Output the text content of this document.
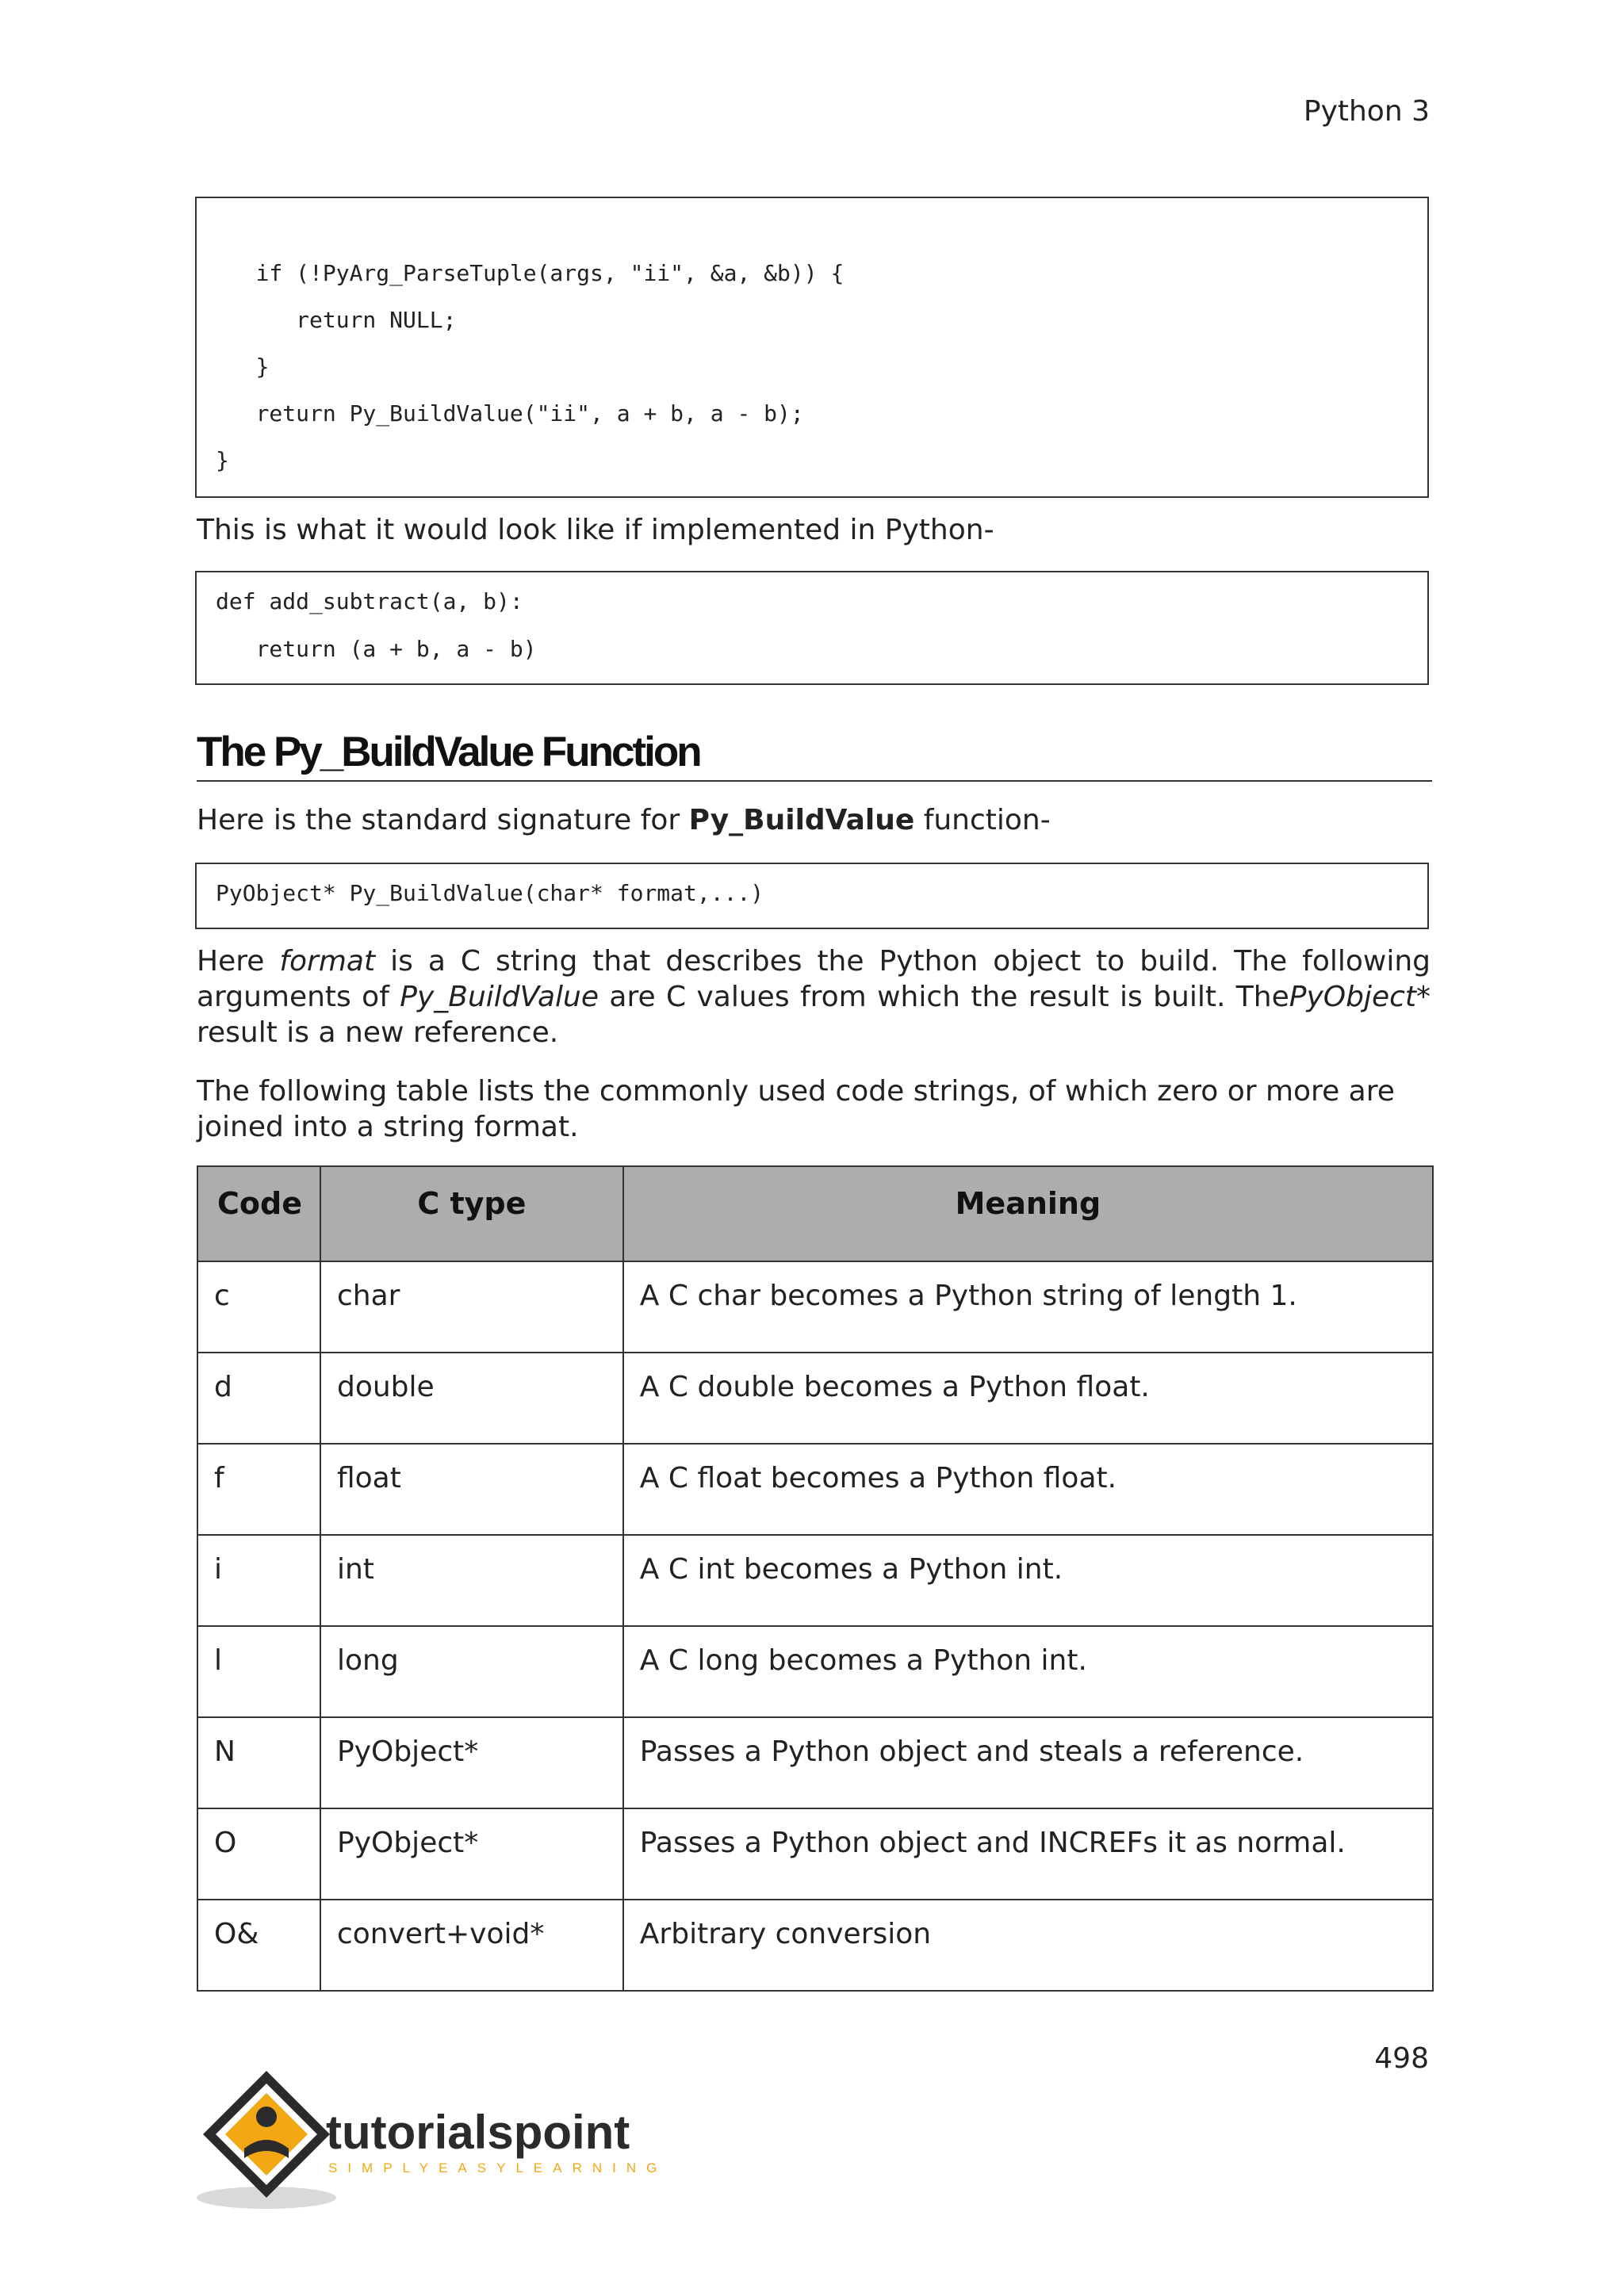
Python 3
if (!PyArg_ParseTuple(args, "ii", &a, &b)) {
return NULL;
}
return Py_BuildValue("ii", a + b, a - b);
}
This is what it would look like if implemented in Python-
def add_subtract(a, b):
return (a + b, a - b)
The Py_BuildValue Function
Here is the standard signature for Py_BuildValue function-
PyObject* Py_BuildValue(char* format,...)
Here format is a C string that describes the Python object to build. The following arguments of Py_BuildValue are C values from which the result is built. ThePyObject* result is a new reference.
The following table lists the commonly used code strings, of which zero or more are joined into a string format.
Code	C type	Meaning
c	char	A C char becomes a Python string of length 1.
d	double	A C double becomes a Python float.
f	float	A C float becomes a Python float.
i	int	A C int becomes a Python int.
l	long	A C long becomes a Python int.
N	PyObject*	Passes a Python object and steals a reference.
O	PyObject*	Passes a Python object and INCREFs it as normal.
O&	convert+void*	Arbitrary conversion
498
tutorialspoint
SIMPLYEASYLEARNING
